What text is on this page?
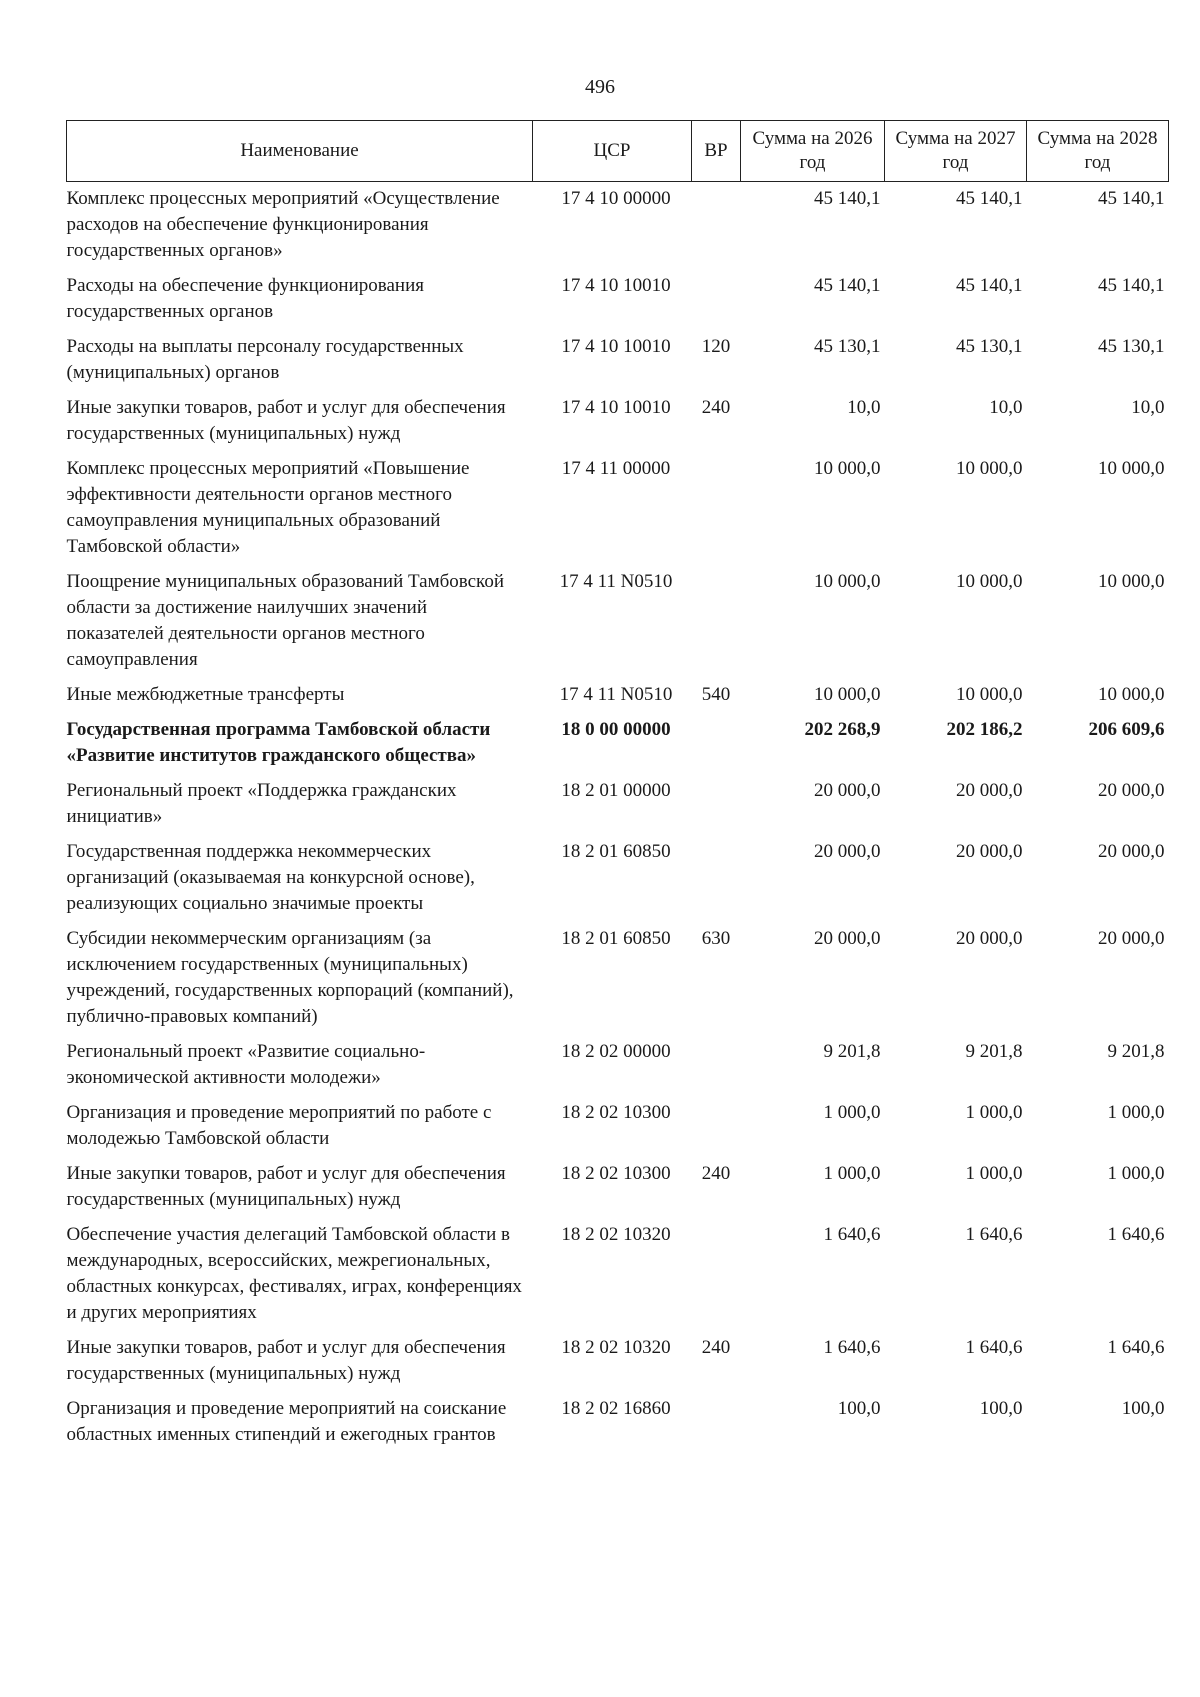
496
Наименование	ЦСР	ВР	Сумма на 2026 год	Сумма на 2027 год	Сумма на 2028 год
Комплекс процессных мероприятий «Осуществление расходов на обеспечение функционирования государственных органов»	17 4 10 00000		45 140,1	45 140,1	45 140,1
Расходы на обеспечение функционирования государственных органов	17 4 10 10010		45 140,1	45 140,1	45 140,1
Расходы на выплаты персоналу государственных (муниципальных) органов	17 4 10 10010	120	45 130,1	45 130,1	45 130,1
Иные закупки товаров, работ и услуг для обеспечения государственных (муниципальных) нужд	17 4 10 10010	240	10,0	10,0	10,0
Комплекс процессных мероприятий «Повышение эффективности деятельности органов местного самоуправления муниципальных образований Тамбовской области»	17 4 11 00000		10 000,0	10 000,0	10 000,0
Поощрение муниципальных образований Тамбовской области за достижение наилучших значений показателей деятельности органов местного самоуправления	17 4 11 N0510		10 000,0	10 000,0	10 000,0
Иные межбюджетные трансферты	17 4 11 N0510	540	10 000,0	10 000,0	10 000,0
Государственная программа Тамбовской области «Развитие институтов гражданского общества»	18 0 00 00000		202 268,9	202 186,2	206 609,6
Региональный проект «Поддержка гражданских инициатив»	18 2 01 00000		20 000,0	20 000,0	20 000,0
Государственная поддержка некоммерческих организаций (оказываемая на конкурсной основе), реализующих социально значимые проекты	18 2 01 60850		20 000,0	20 000,0	20 000,0
Субсидии некоммерческим организациям (за исключением государственных (муниципальных) учреждений, государственных корпораций (компаний), публично-правовых компаний)	18 2 01 60850	630	20 000,0	20 000,0	20 000,0
Региональный проект «Развитие социально-экономической активности молодежи»	18 2 02 00000		9 201,8	9 201,8	9 201,8
Организация и проведение мероприятий по работе с молодежью Тамбовской области	18 2 02 10300		1 000,0	1 000,0	1 000,0
Иные закупки товаров, работ и услуг для обеспечения государственных (муниципальных) нужд	18 2 02 10300	240	1 000,0	1 000,0	1 000,0
Обеспечение участия делегаций Тамбовской области в международных, всероссийских, межрегиональных, областных конкурсах, фестивалях, играх, конференциях и других мероприятиях	18 2 02 10320		1 640,6	1 640,6	1 640,6
Иные закупки товаров, работ и услуг для обеспечения государственных (муниципальных) нужд	18 2 02 10320	240	1 640,6	1 640,6	1 640,6
Организация и проведение мероприятий на соискание областных именных стипендий и ежегодных грантов	18 2 02 16860		100,0	100,0	100,0
